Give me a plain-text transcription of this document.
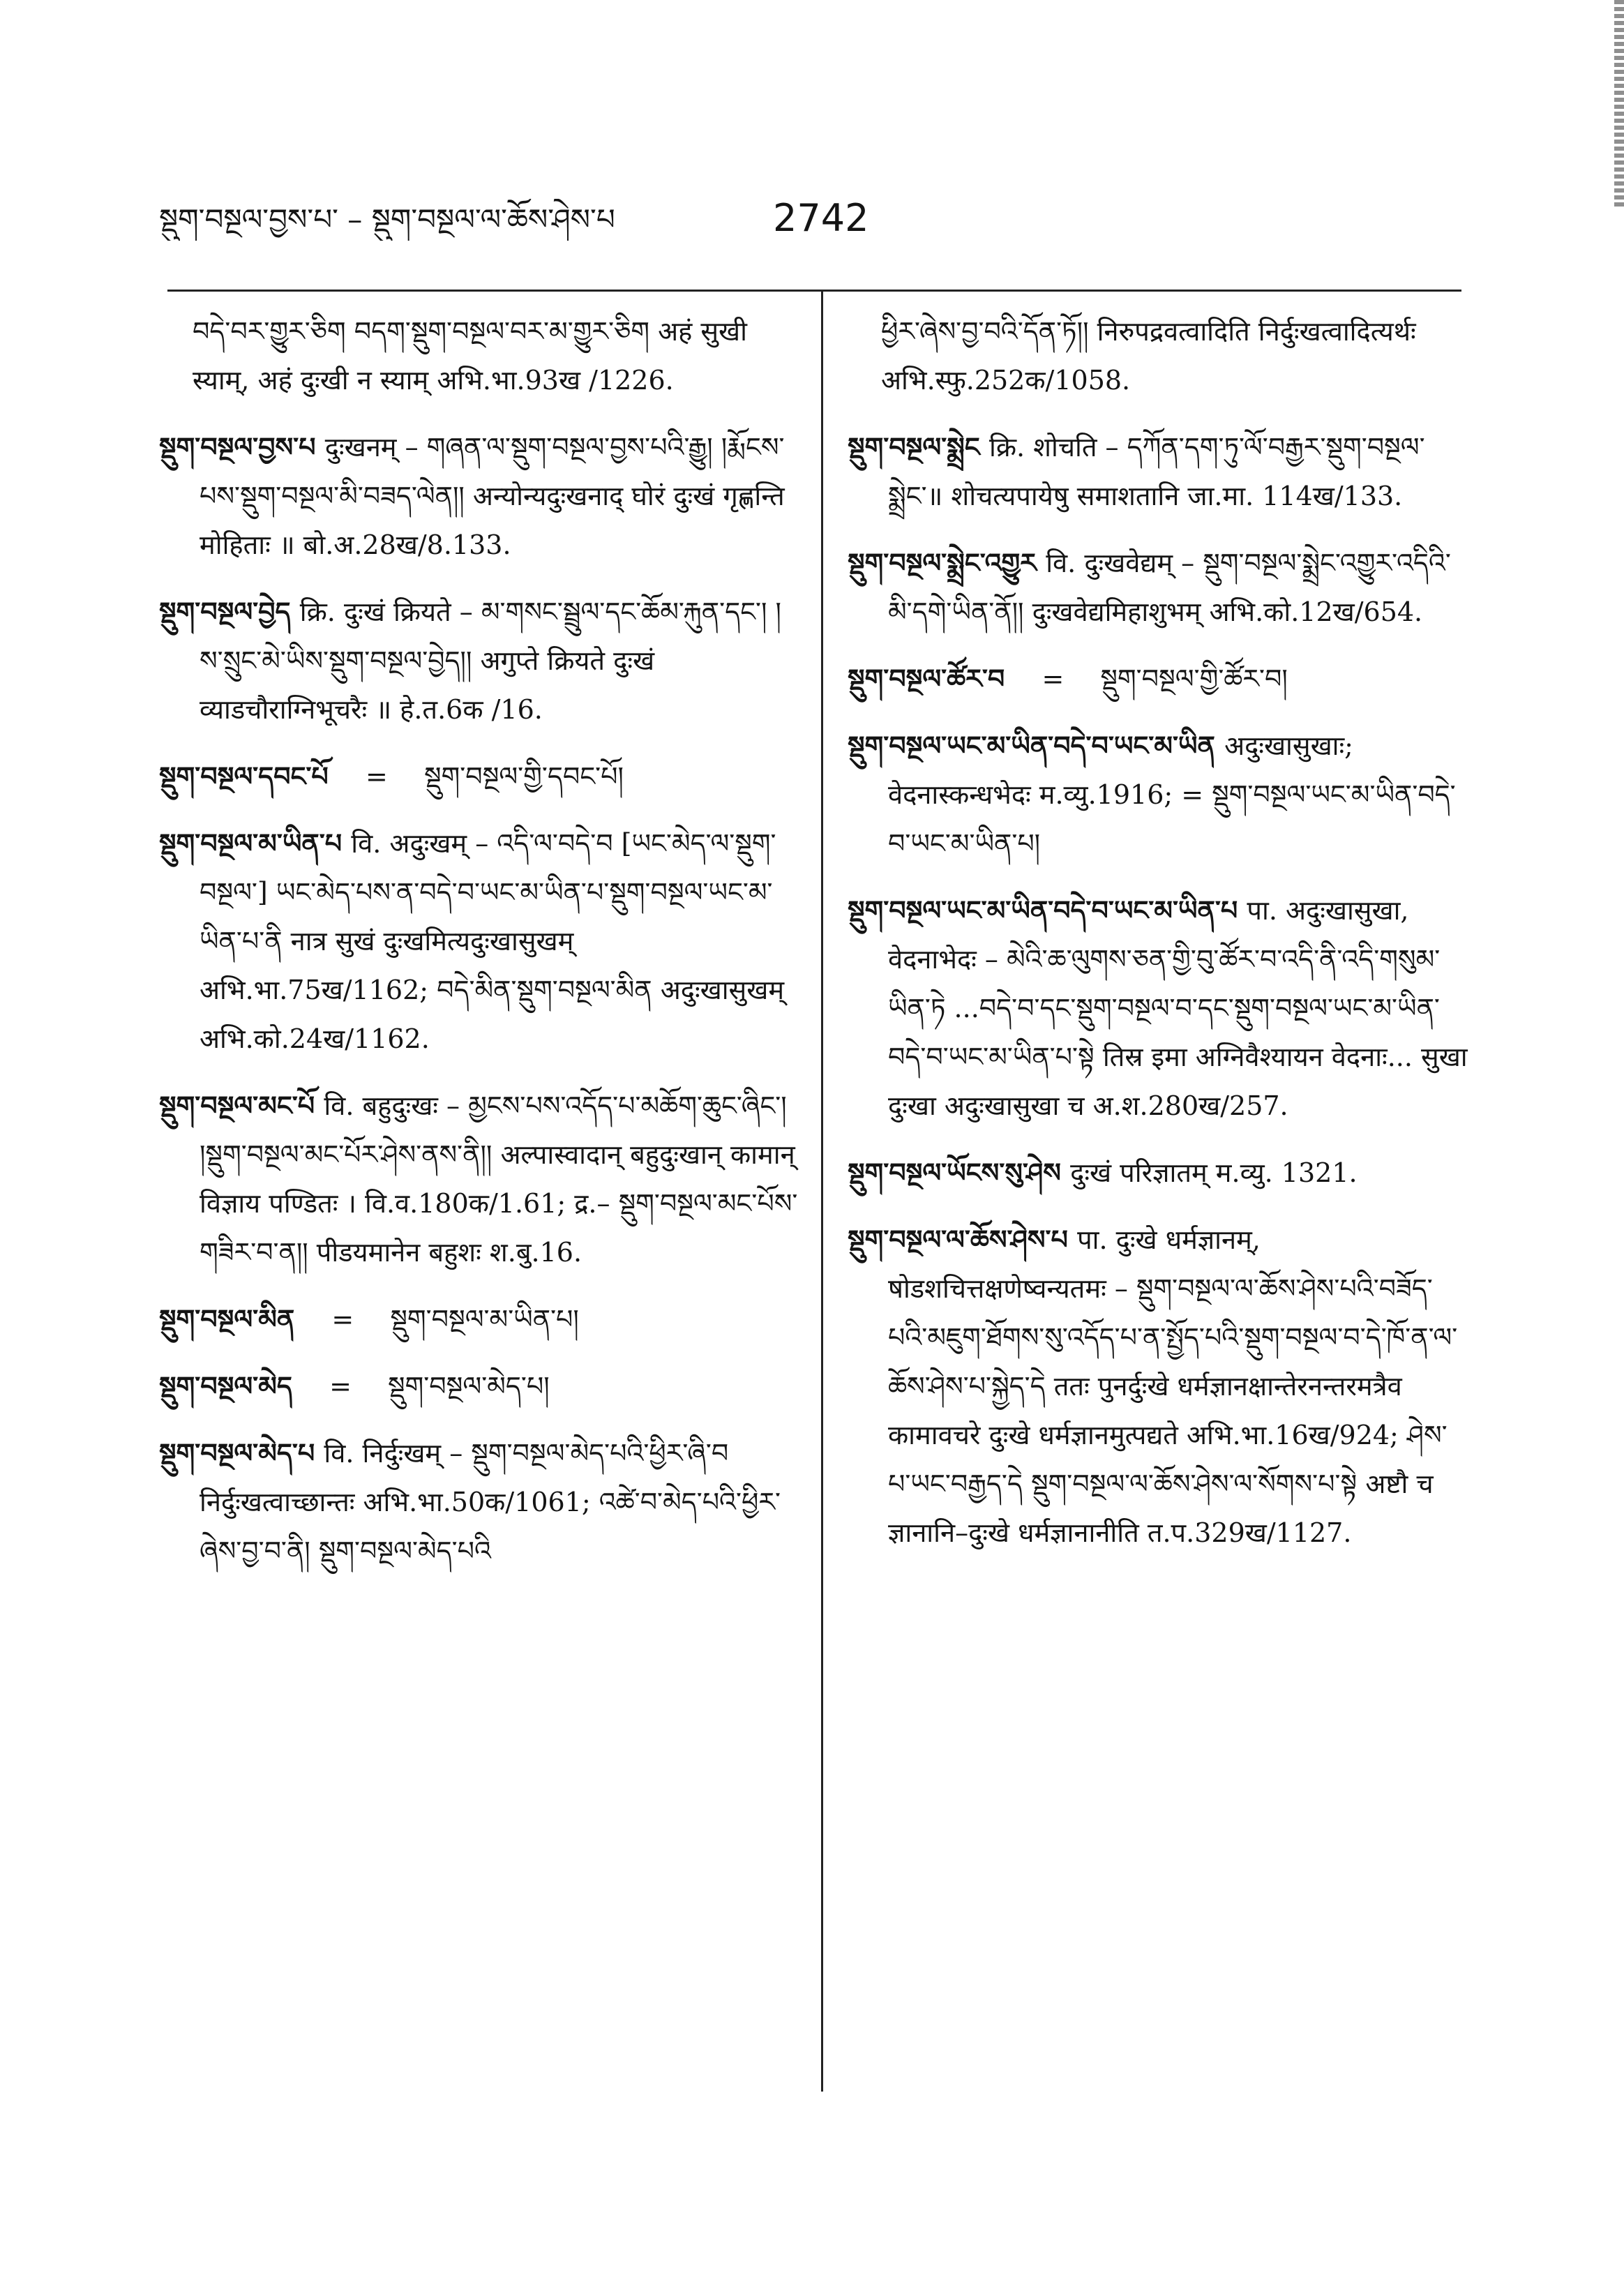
སྡུག་བསྔལ་བྱས་པ་ – སྡུག་བསྔལ་ལ་ཆོས་ཤེས་པ	2742

བདེ་བར་གྱུར་ཅིག བདག་སྡུག་བསྔལ་བར་མ་གྱུར་ཅིག अहं सुखी स्याम्, अहं दुःखी न स्याम् अभि.भा.93ख /1226.

སྡུག་བསྔལ་བྱས་པ दुःखनम् – གཞན་ལ་སྡུག་བསྔལ་བྱས་པའི་རྒྱུ། །རྨོངས་པས་སྡུག་བསྔལ་མི་བཟད་ལེན།། अन्योन्यदुःखनाद् घोरं दुःखं गृह्णन्ति मोहिताः ॥ बो.अ.28ख/8.133.

སྡུག་བསྔལ་བྱེད क्रि. दुःखं क्रियते – མ་གསང་སྦྲུལ་དང་ཆོམ་རྐུན་དང་། །ས་སྲུང་མེ་ཡིས་སྡུག་བསྔལ་བྱེད།། अगुप्ते क्रियते दुःखं व्याडचौराग्निभूचरैः ॥ हे.त.6क /16.

སྡུག་བསྔལ་དབང་པོ = སྡུག་བསྔལ་གྱི་དབང་པོ།

སྡུག་བསྔལ་མ་ཡིན་པ वि. अदुःखम् – འདི་ལ་བདེ་བ [ཡང་མེད་ལ་སྡུག་བསྔལ་] ཡང་མེད་པས་ན་བདེ་བ་ཡང་མ་ཡིན་པ་སྡུག་བསྔལ་ཡང་མ་ཡིན་པ་ནི नात्र सुखं दुःखमित्यदुःखासुखम् अभि.भा.75ख/1162; བདེ་མིན་སྡུག་བསྔལ་མིན अदुःखासुखम् अभि.को.24ख/1162.

སྡུག་བསྔལ་མང་པོ वि. बहुदुःखः – མྱངས་པས་འདོད་པ་མཆོག་ཆུང་ཞིང་། །སྡུག་བསྔལ་མང་པོར་ཤེས་ནས་ནི།། अल्पास्वादान् बहुदुःखान् कामान् विज्ञाय पण्डितः । वि.व.180क/1.61; द्र.– སྡུག་བསྔལ་མང་པོས་གཟིར་བ་ན།། पीडयमानेन बहुशः श.बु.16.

སྡུག་བསྔལ་མིན = སྡུག་བསྔལ་མ་ཡིན་པ།

སྡུག་བསྔལ་མེད = སྡུག་བསྔལ་མེད་པ།

སྡུག་བསྔལ་མེད་པ वि. निर्दुःखम् – སྡུག་བསྔལ་མེད་པའི་ཕྱིར་ཞི་བ निर्दुःखत्वाच्छान्तः अभि.भा.50क/1061; འཚེ་བ་མེད་པའི་ཕྱིར་ཞེས་བྱ་བ་ནི། སྡུག་བསྔལ་མེད་པའི

ཕྱིར་ཞེས་བྱ་བའི་དོན་ཏོ།། निरुपद्रवत्वादिति निर्दुःखत्वादित्यर्थः अभि.स्फु.252क/1058.

སྡུག་བསྔལ་སྨྲེང क्रि. शोचति – དཀོན་དག་ཏུ་ལོ་བརྒྱར་སྡུག་བསྔལ་སྨྲེང་॥ शोचत्यपायेषु समाशतानि जा.मा. 114ख/133.

སྡུག་བསྔལ་སྨྲེང་འགྱུར वि. दुःखवेद्यम् – སྡུག་བསྔལ་སྨྲེང་འགྱུར་འདིའི་མི་དགེ་ཡིན་ནོ།། दुःखवेद्यमिहाशुभम् अभि.को.12ख/654.

སྡུག་བསྔལ་ཚོར་བ = སྡུག་བསྔལ་གྱི་ཚོར་བ།

སྡུག་བསྔལ་ཡང་མ་ཡིན་བདེ་བ་ཡང་མ་ཡིན अदुःखासुखाः; वेदनास्कन्धभेदः म.व्यु.1916; = སྡུག་བསྔལ་ཡང་མ་ཡིན་བདེ་བ་ཡང་མ་ཡིན་པ།

སྡུག་བསྔལ་ཡང་མ་ཡིན་བདེ་བ་ཡང་མ་ཡིན་པ पा. अदुःखासुखा, वेदनाभेदः – མེའི་ཆ་ལུགས་ཅན་གྱི་བུ་ཚོར་བ་འདི་ནི་འདི་གསུམ་ཡིན་ཏེ ...བདེ་བ་དང་སྡུག་བསྔལ་བ་དང་སྡུག་བསྔལ་ཡང་མ་ཡིན་བདེ་བ་ཡང་མ་ཡིན་པ་སྟེ तिस्र इमा अग्निवैश्यायन वेदनाः... सुखा दुःखा अदुःखासुखा च अ.श.280ख/257.

སྡུག་བསྔལ་ཡོངས་སུ་ཤེས दुःखं परिज्ञातम् म.व्यु. 1321.

སྡུག་བསྔལ་ལ་ཆོས་ཤེས་པ पा. दुःखे धर्मज्ञानम्, षोडशचित्तक्षणेष्वन्यतमः – སྡུག་བསྔལ་ལ་ཆོས་ཤེས་པའི་བཟོད་པའི་མཇུག་ཐོགས་སུ་འདོད་པ་ན་སྤྱོད་པའི་སྡུག་བསྔལ་བ་དེ་ཁོ་ན་ལ་ཆོས་ཤེས་པ་སྐྱེད་དེ ततः पुनर्दुःखे धर्मज्ञानक्षान्तेरनन्तरमत्रैव कामावचरे दुःखे धर्मज्ञानमुत्पद्यते अभि.भा.16ख/924; ཤེས་པ་ཡང་བརྒྱད་དེ སྡུག་བསྔལ་ལ་ཆོས་ཤེས་ལ་སོགས་པ་སྟེ अष्टौ च ज्ञानानि–दुःखे धर्मज्ञानानीति त.प.329ख/1127.
